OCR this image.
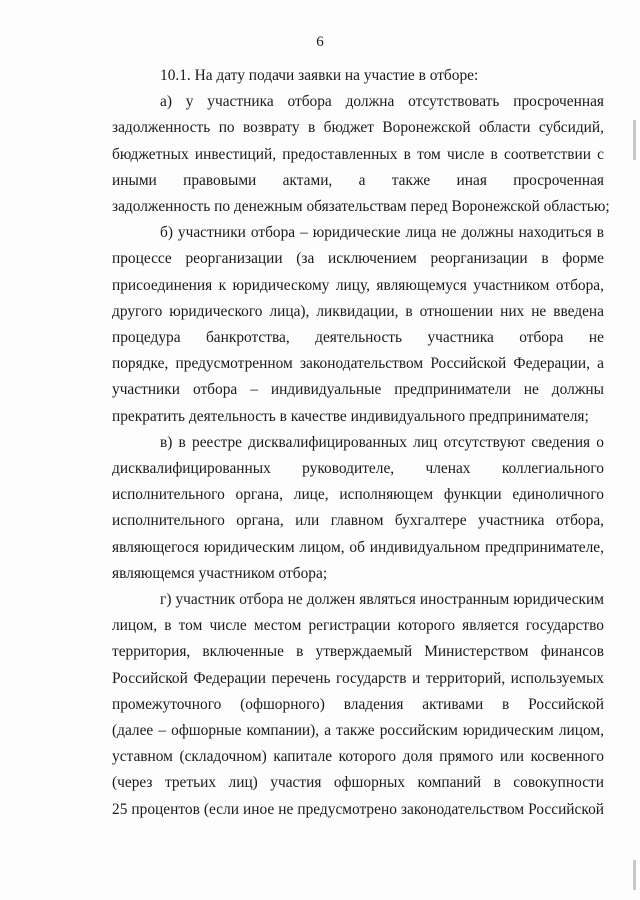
6
10.1. На дату подачи заявки на участие в отборе:
а) у участника отбора должна отсутствовать просроченная
задолженность по возврату в бюджет Воронежской области субсидий,
бюджетных инвестиций, предоставленных в том числе в соответствии с
иными правовыми актами, а также иная просроченная
задолженность по денежным обязательствам перед Воронежской областью;
б) участники отбора – юридические лица не должны находиться в
процессе реорганизации (за исключением реорганизации в форме
присоединения к юридическому лицу, являющемуся участником отбора,
другого юридического лица), ликвидации, в отношении них не введена
процедура банкротства, деятельность участника отбора не
порядке, предусмотренном законодательством Российской Федерации, а
участники отбора – индивидуальные предприниматели не должны
прекратить деятельность в качестве индивидуального предпринимателя;
в) в реестре дисквалифицированных лиц отсутствуют сведения о
дисквалифицированных руководителе, членах коллегиального
исполнительного органа, лице, исполняющем функции единоличного
исполнительного органа, или главном бухгалтере участника отбора,
являющегося юридическим лицом, об индивидуальном предпринимателе,
являющемся участником отбора;
г) участник отбора не должен являться иностранным юридическим
лицом, в том числе местом регистрации которого является государство
территория, включенные в утверждаемый Министерством финансов
Российской Федерации перечень государств и территорий, используемых
промежуточного (офшорного) владения активами в Российской
(далее – офшорные компании), а также российским юридическим лицом,
уставном (складочном) капитале которого доля прямого или косвенного
(через третьих лиц) участия офшорных компаний в совокупности
25 процентов (если иное не предусмотрено законодательством Российской
